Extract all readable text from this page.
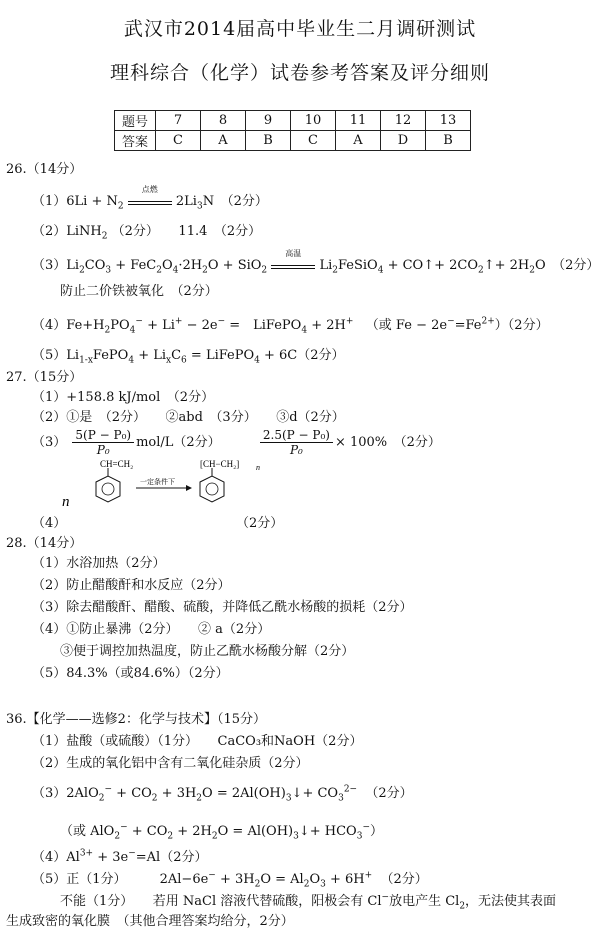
武汉市2014届高中毕业生二月调研测试
理科综合（化学）试卷参考答案及评分细则
题号	7	8	9	10	11	12	13
答案	C	A	B	C	A	D	B
26.（14分）
$(1)6Li + N_2$
点燃
$2Li_3N$　（2分）
（2）LiNH$_2$ （2分）　　11.4　（2分）
$(3)Li_2CO_3 + FeC_2O_4\cdot 2H_2O + SiO_2$
高温
$Li_2FeSiO_4$ + CO↑+ $2CO_2↑+ 2H_2O$　（2分）
防止二价铁被氧化　（2分）
$(4)Fe+H_2PO_4^- + Li^+ - 2e^-$ =　LiFePO$_4$ + 2H+ （或 $Fe - 2e^-=Fe^{2+})(2$分）
$(5)Li_{1-x}FePO_4 + Li_xC_6$ = LiFePO$_4$ + 6C（2分）
27.（15分）
（1）+158.8 kJ/mol　（2分）
（2）①是　（2分）　　②abd　（3分）　　③d（2分）
$(3) \frac{\text{5(P − P₀)}}{\text{P₀}} mol/L(2$分）	$\frac{\text{2.5(P − P₀)}}{\text{P₀}} \times 100\%$　（2分）
n
CH=CH₂
一定条件下
[CH−CH₂] n
（4）	（2分）
28.（14分）
（1）水浴加热（2分）
（2）防止醋酸酐和水反应（2分）
（3）除去醋酸酐、醋酸、硫酸，并降低乙酰水杨酸的损耗（2分）
（4）①防止暴沸（2分）　　② a（2分）
③便于调控加热温度，防止乙酰水杨酸分解（2分）
（5）84.3%（或84.6%）（2分）
36.【化学——选修2：化学与技术】（15分）
（1）盐酸（或硫酸）（1分）　　CaCO₃和NaOH（2分）
（2）生成的氧化铝中含有二氧化硅杂质（2分）
$(3)2AlO_2^- + CO_2 + 3H_2O$ = $2Al(OH)_3↓+ CO_3^{2-}$ （2分）
（或 $AlO_2^- + CO_2 + 2H_2O$ = $Al(OH)_3↓+ HCO_3^-$）
$(4)Al^{3+} + 3e^-=Al(2$分）
（5）正（1分）	$2Al-6e^- + 3H_2O = Al_2O_3 + 6H^+$ （2分）
不能（1分）　　若用 NaCl 溶液代替硫酸，阳极会有 Cl−放电产生 $Cl_2$，无法使其表面
生成致密的氧化膜　（其他合理答案均给分，2分）
